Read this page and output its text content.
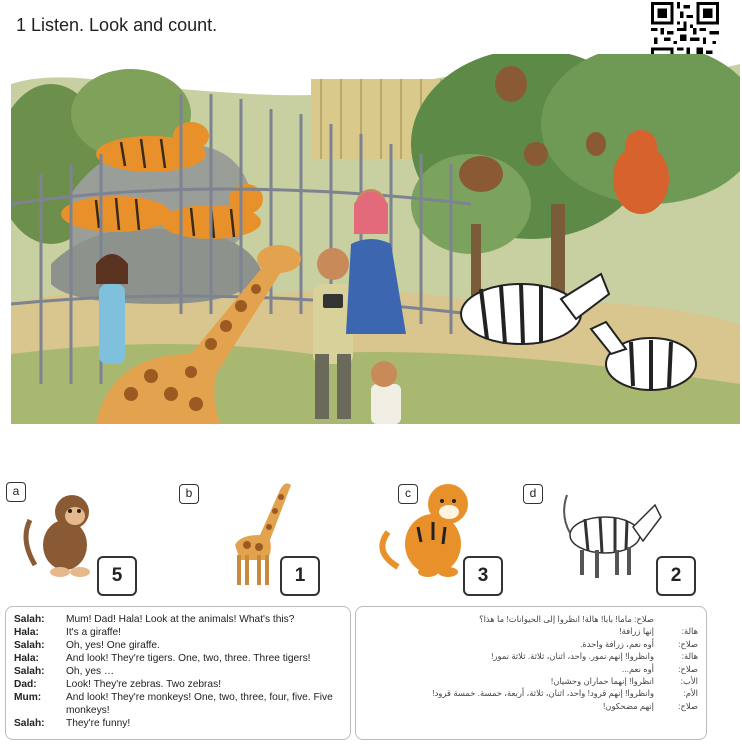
1 Listen. Look and count.
a
5
b
1
c
3
d
2
Salah:	Mum! Dad! Hala! Look at the animals! What's this?
Hala:	It's a giraffe!
Salah:	Oh, yes! One giraffe.
Hala:	And look! They're tigers. One, two, three. Three tigers!
Salah:	Oh, yes …
Dad:	Look! They're zebras. Two zebras!
Mum:	And look! They're monkeys! One, two, three, four, five. Five monkeys!
Salah:	They're funny!
صلاح: ماما! بابا! هالة! انظروا إلى الحيوانات! ما هذا؟
هالة:
إنها زرافة!
صلاح:
أوه نعم، زرافة واحدة.
هالة:
وانظروا! إنهم نمور. واحد، اثنان، ثلاثة. ثلاثة نمور!
صلاح:
أوه نعم...
الأب:
انظروا! إنهما حماران وحشيان!
الأم:
وانظروا! إنهم قرود! واحد، اثنان، ثلاثة، أربعة، خمسة. خمسة قرود!
صلاح:
إنهم مضحكون!
